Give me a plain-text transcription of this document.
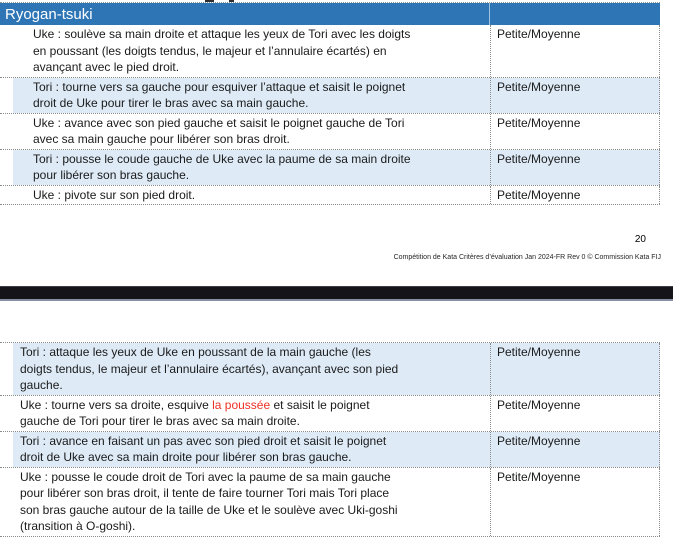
Ryogan-tsuki
Uke : soulève sa main droite et attaque les yeux de Tori avec les doigts
en poussant (les doigts tendus, le majeur et l’annulaire écartés) en
avançant avec le pied droit.
Petite/Moyenne
Tori : tourne vers sa gauche pour esquiver l’attaque et saisit le poignet
droit de Uke pour tirer le bras avec sa main gauche.
Petite/Moyenne
Uke : avance avec son pied gauche et saisit le poignet gauche de Tori
avec sa main gauche pour libérer son bras droit.
Petite/Moyenne
Tori : pousse le coude gauche de Uke avec la paume de sa main droite
pour libérer son bras gauche.
Petite/Moyenne
Uke : pivote sur son pied droit.	Petite/Moyenne
20
Compétition de Kata Critères d’évaluation Jan 2024-FR Rev 0 © Commission Kata FIJ
Tori : attaque les yeux de Uke en poussant de la main gauche (les
doigts tendus, le majeur et l’annulaire écartés), avançant avec son pied
gauche.
Petite/Moyenne
Uke : tourne vers sa droite, esquive la poussée et saisit le poignet
gauche de Tori pour tirer le bras avec sa main droite.
Petite/Moyenne
Tori : avance en faisant un pas avec son pied droit et saisit le poignet
droit de Uke avec sa main droite pour libérer son bras gauche.
Petite/Moyenne
Uke : pousse le coude droit de Tori avec la paume de sa main gauche
pour libérer son bras droit, il tente de faire tourner Tori mais Tori place
son bras gauche autour de la taille de Uke et le soulève avec Uki-goshi
(transition à O-goshi).
Petite/Moyenne
